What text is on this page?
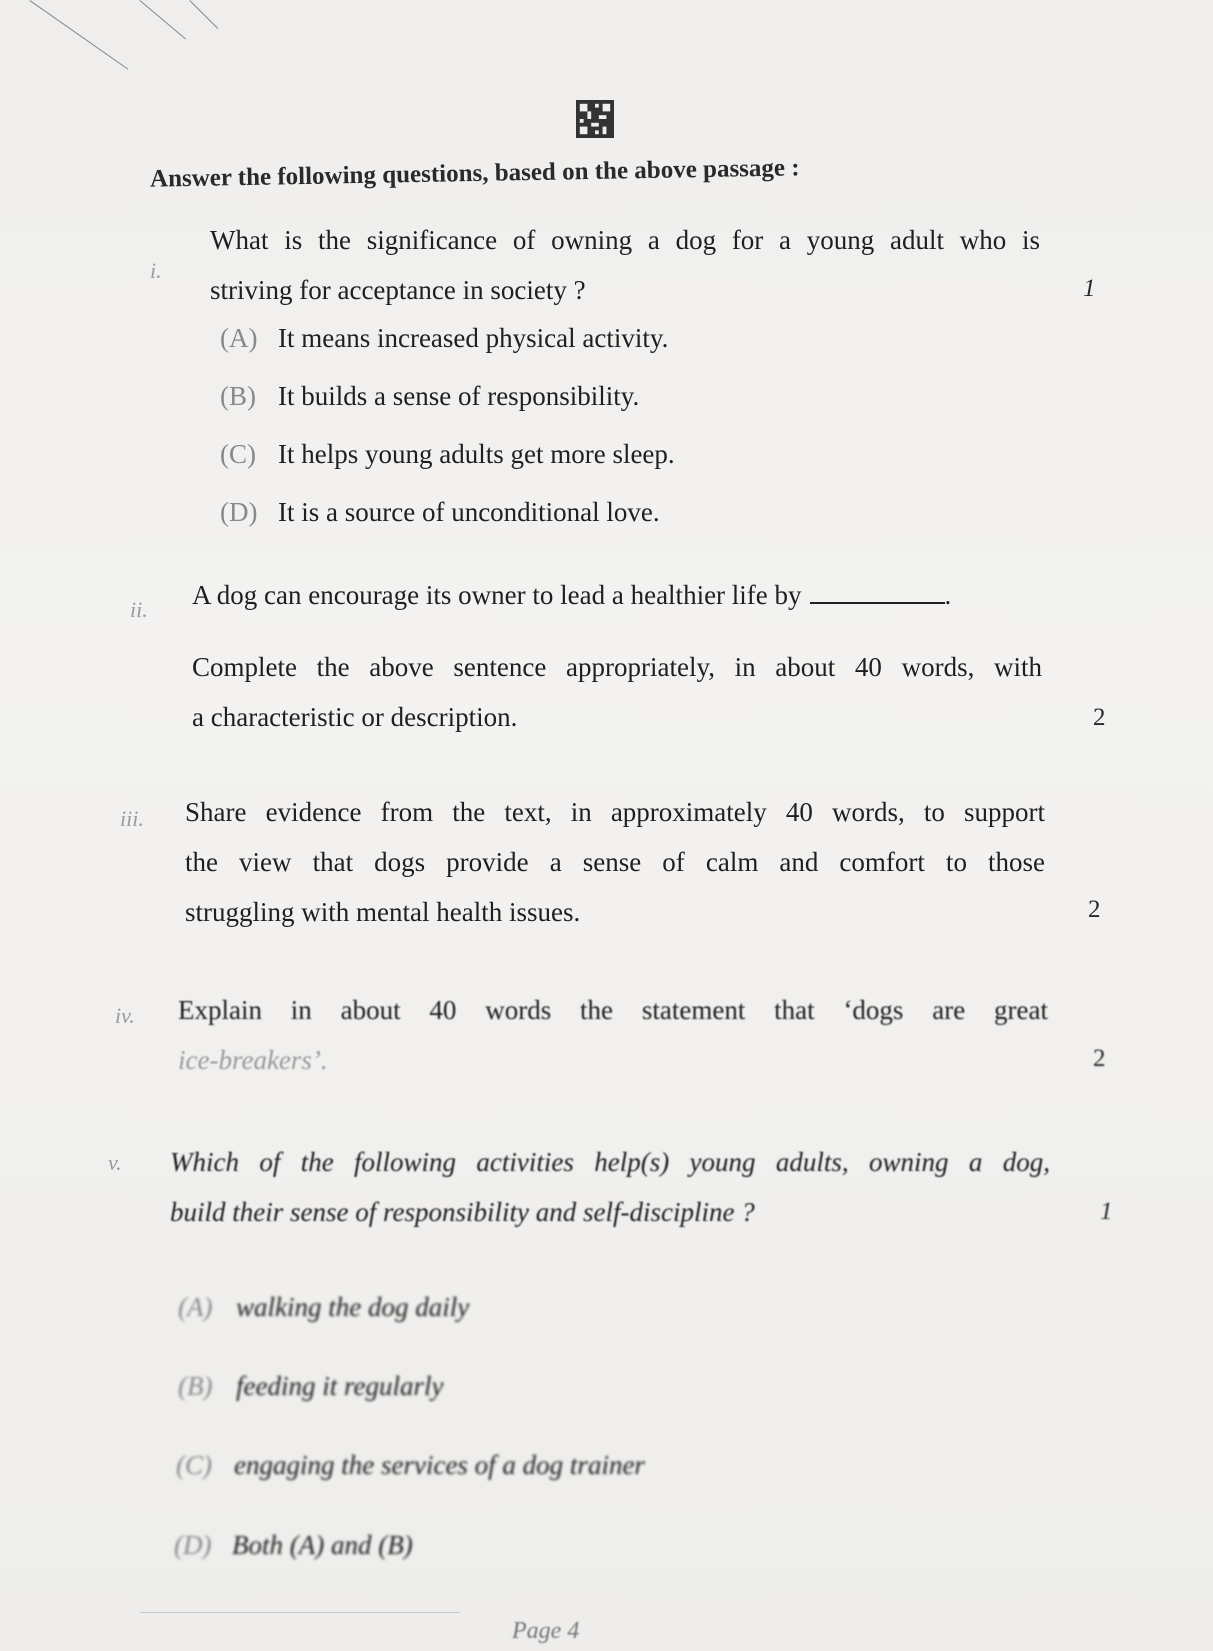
Answer the following questions, based on the above passage :
i.
What is the significance of owning a dog for a young adult who is
striving for acceptance in society ?	1
(A) It means increased physical activity.
(B) It builds a sense of responsibility.
(C) It helps young adults get more sleep.
(D) It is a source of unconditional love.
ii. A dog can encourage its owner to lead a healthier life by	.
Complete the above sentence appropriately, in about 40 words, with
a characteristic or description.	2
iii. Share evidence from the text, in approximately 40 words, to support
the view that dogs provide a sense of calm and comfort to those
struggling with mental health issues.	2
iv. Explain in about 40 words the statement that ‘dogs are great
ice-breakers’.	2
v. Which of the following activities help(s) young adults, owning a dog,
build their sense of responsibility and self-discipline ?	1
(A) walking the dog daily
(B) feeding it regularly
(C) engaging the services of a dog trainer
(D) Both (A) and (B)
Page 4
